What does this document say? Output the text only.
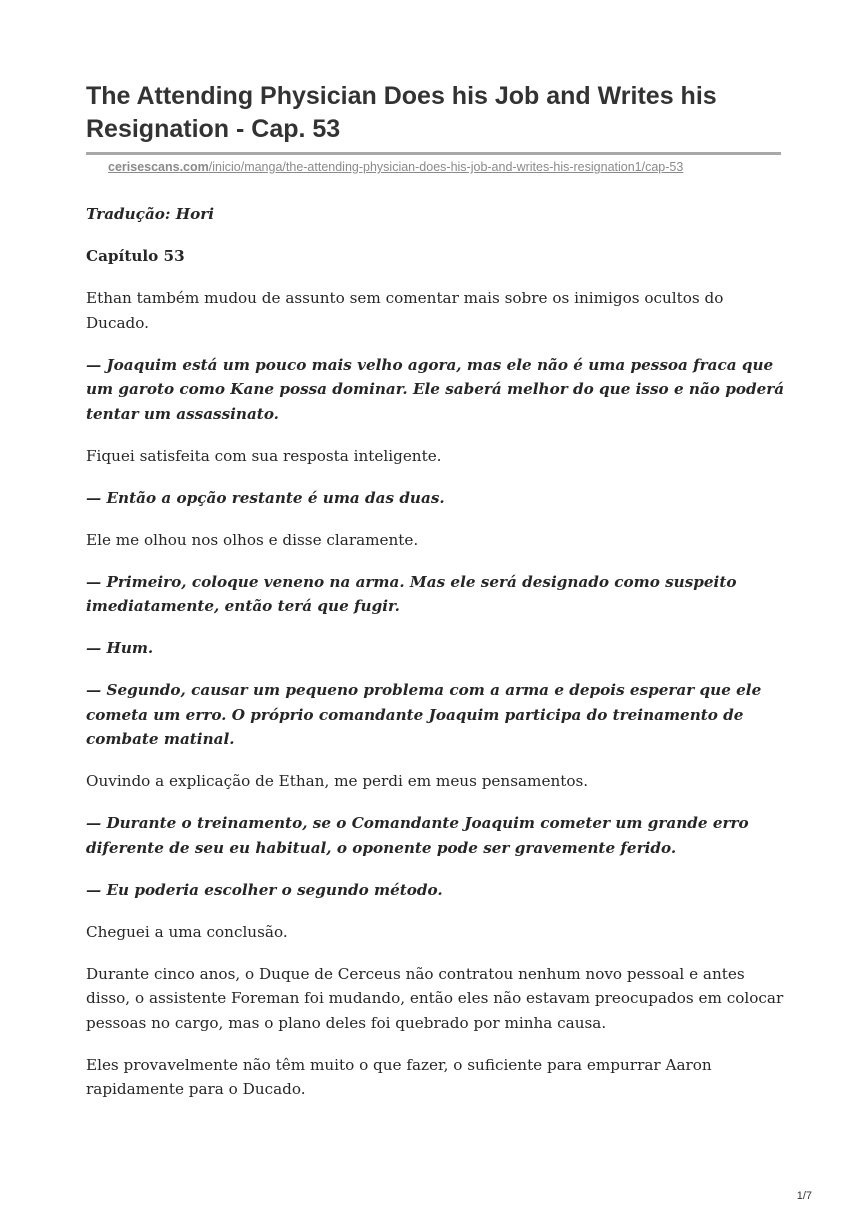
The Attending Physician Does his Job and Writes his Resignation - Cap. 53
cerisescans.com/inicio/manga/the-attending-physician-does-his-job-and-writes-his-resignation1/cap-53

Tradução: Hori

Capítulo 53

Ethan também mudou de assunto sem comentar mais sobre os inimigos ocultos do Ducado.

— Joaquim está um pouco mais velho agora, mas ele não é uma pessoa fraca que um garoto como Kane possa dominar. Ele saberá melhor do que isso e não poderá tentar um assassinato.

Fiquei satisfeita com sua resposta inteligente.

— Então a opção restante é uma das duas.

Ele me olhou nos olhos e disse claramente.

— Primeiro, coloque veneno na arma. Mas ele será designado como suspeito imediatamente, então terá que fugir.

— Hum.

— Segundo, causar um pequeno problema com a arma e depois esperar que ele cometa um erro. O próprio comandante Joaquim participa do treinamento de combate matinal.

Ouvindo a explicação de Ethan, me perdi em meus pensamentos.

— Durante o treinamento, se o Comandante Joaquim cometer um grande erro diferente de seu eu habitual, o oponente pode ser gravemente ferido.

— Eu poderia escolher o segundo método.

Cheguei a uma conclusão.

Durante cinco anos, o Duque de Cerceus não contratou nenhum novo pessoal e antes disso, o assistente Foreman foi mudando, então eles não estavam preocupados em colocar pessoas no cargo, mas o plano deles foi quebrado por minha causa.

Eles provavelmente não têm muito o que fazer, o suficiente para empurrar Aaron rapidamente para o Ducado.

1/7
